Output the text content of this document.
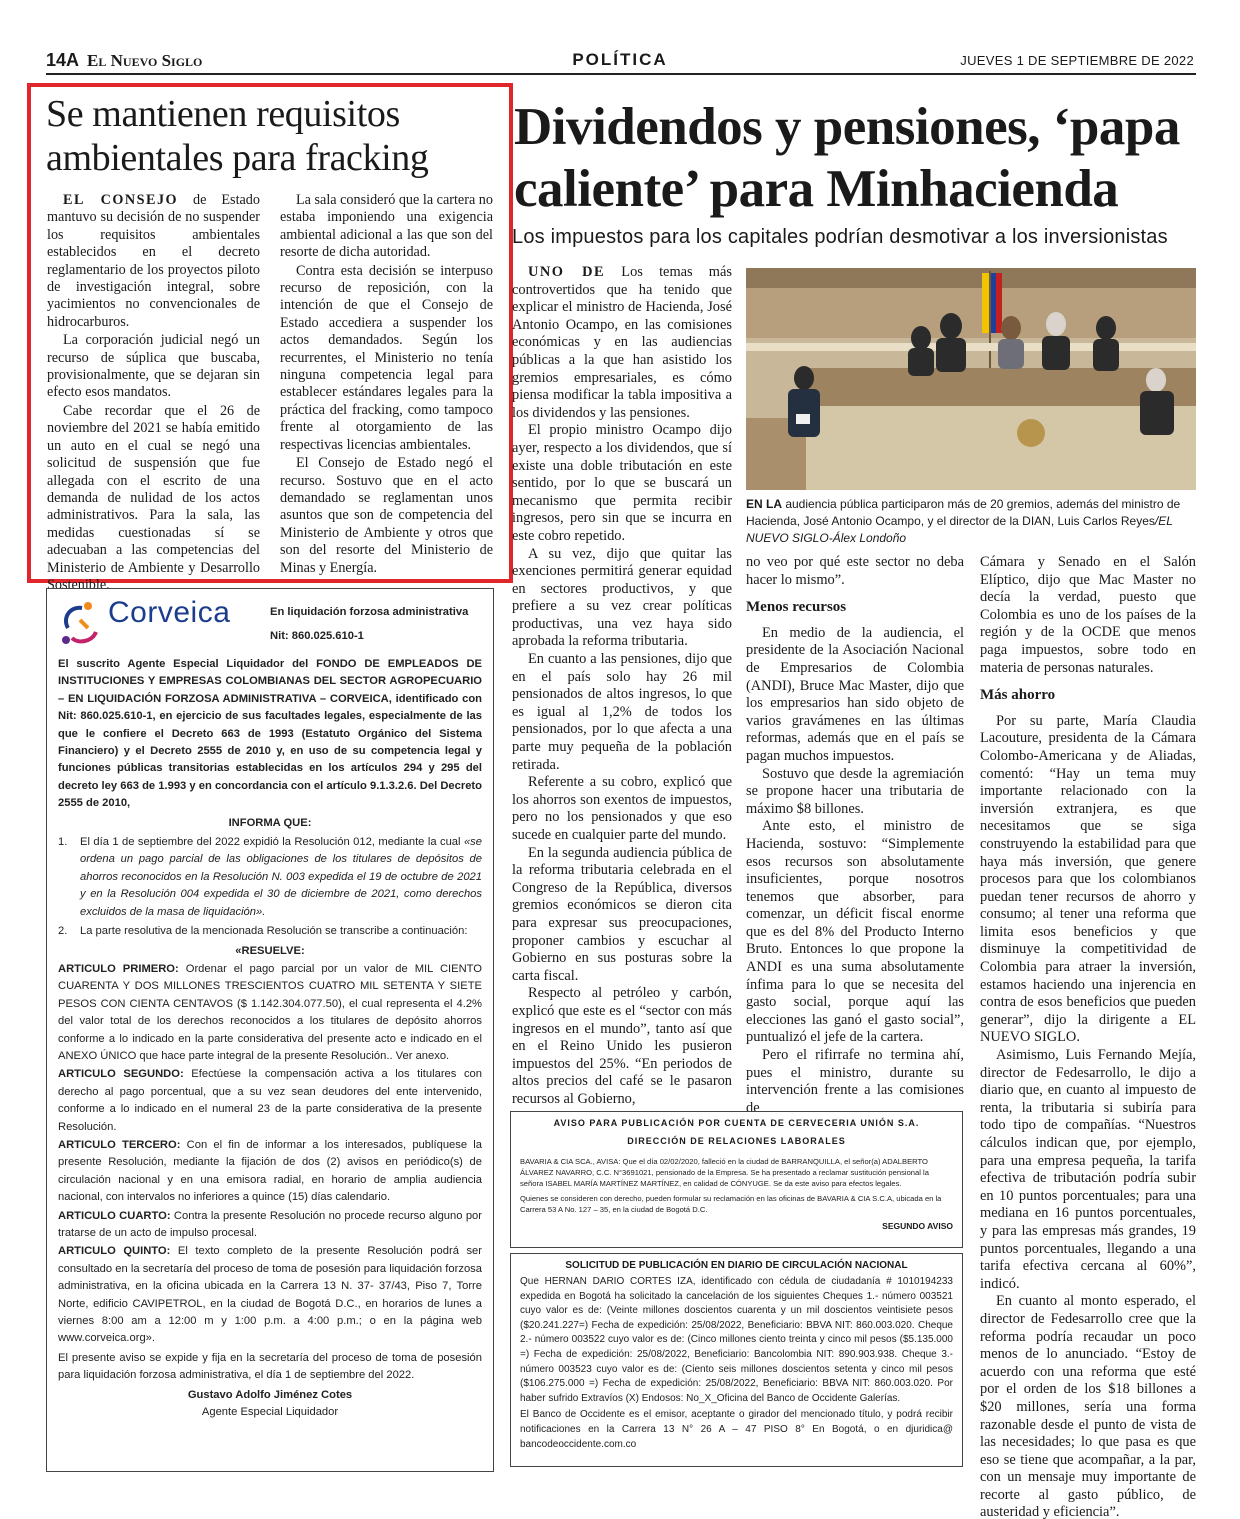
14A El Nuevo Siglo	POLÍTICA	JUEVES 1 DE SEPTIEMBRE DE 2022
Se mantienen requisitos ambientales para fracking

EL CONSEJO de Estado mantuvo su decisión de no suspender los requisitos ambientales establecidos en el decreto reglamentario de los proyectos piloto de investigación integral, sobre yacimientos no convencionales de hidrocarburos.

La corporación judicial negó un recurso de súplica que buscaba, provisionalmente, que se dejaran sin efecto esos mandatos.

Cabe recordar que el 26 de noviembre del 2021 se había emitido un auto en el cual se negó una solicitud de suspensión que fue allegada con el escrito de una demanda de nulidad de los actos administrativos. Para la sala, las medidas cuestionadas sí se adecuaban a las competencias del Ministerio de Ambiente y Desarrollo Sostenible.

La sala consideró que la cartera no estaba imponiendo una exigencia ambiental adicional a las que son del resorte de dicha autoridad.

Contra esta decisión se interpuso recurso de reposición, con la intención de que el Consejo de Estado accediera a suspender los actos demandados. Según los recurrentes, el Ministerio no tenía ninguna competencia legal para establecer estándares legales para la práctica del fracking, como tampoco frente al otorgamiento de las respectivas licencias ambientales.

El Consejo de Estado negó el recurso. Sostuvo que en el acto demandado se reglamentan unos asuntos que son de competencia del Ministerio de Ambiente y otros que son del resorte del Ministerio de Minas y Energía.

Dividendos y pensiones, ‘papa caliente’ para Minhacienda
Los impuestos para los capitales podrían desmotivar a los inversionistas

UNO DE Los temas más controvertidos que ha tenido que explicar el ministro de Hacienda, José Antonio Ocampo, en las comisiones económicas y en las audiencias públicas a la que han asistido los gremios empresariales, es cómo piensa modificar la tabla impositiva a los dividendos y las pensiones.

El propio ministro Ocampo dijo ayer, respecto a los dividendos, que sí existe una doble tributación en este sentido, por lo que se buscará un mecanismo que permita recibir ingresos, pero sin que se incurra en este cobro repetido.

A su vez, dijo que quitar las exenciones permitirá generar equidad en sectores productivos, y que prefiere a su vez crear políticas productivas, una vez haya sido aprobada la reforma tributaria.

En cuanto a las pensiones, dijo que en el país solo hay 26 mil pensionados de altos ingresos, lo que es igual al 1,2% de todos los pensionados, por lo que afecta a una parte muy pequeña de la población retirada.

Referente a su cobro, explicó que los ahorros son exentos de impuestos, pero no los pensionados y que eso sucede en cualquier parte del mundo.

En la segunda audiencia pública de la reforma tributaria celebrada en el Congreso de la República, diversos gremios económicos se dieron cita para expresar sus preocupaciones, proponer cambios y escuchar al Gobierno en sus posturas sobre la carta fiscal.

Respecto al petróleo y carbón, explicó que este es el “sector con más ingresos en el mundo”, tanto así que en el Reino Unido les pusieron impuestos del 25%. “En periodos de altos precios del café se le pasaron recursos al Gobierno,

EN LA audiencia pública participaron más de 20 gremios, además del ministro de Hacienda, José Antonio Ocampo, y el director de la DIAN, Luis Carlos Reyes/EL NUEVO SIGLO-Álex Londoño

no veo por qué este sector no deba hacer lo mismo”.

Menos recursos

En medio de la audiencia, el presidente de la Asociación Nacional de Empresarios de Colombia (ANDI), Bruce Mac Master, dijo que los empresarios han sido objeto de varios gravámenes en las últimas reformas, además que en el país se pagan muchos impuestos.

Sostuvo que desde la agremiación se propone hacer una tributaria de máximo $8 billones.

Ante esto, el ministro de Hacienda, sostuvo: “Simplemente esos recursos son absolutamente insuficientes, porque nosotros tenemos que absorber, para comenzar, un déficit fiscal enorme que es del 8% del Producto Interno Bruto. Entonces lo que propone la ANDI es una suma absolutamente ínfima para lo que se necesita del gasto social, porque aquí las elecciones las ganó el gasto social”, puntualizó el jefe de la cartera.

Pero el rifirrafe no termina ahí, pues el ministro, durante su intervención frente a las comisiones de

Cámara y Senado en el Salón Elíptico, dijo que Mac Master no decía la verdad, puesto que Colombia es uno de los países de la región y de la OCDE que menos paga impuestos, sobre todo en materia de personas naturales.

Más ahorro

Por su parte, María Claudia Lacouture, presidenta de la Cámara Colombo-Americana y de Aliadas, comentó: “Hay un tema muy importante relacionado con la inversión extranjera, es que necesitamos que se siga construyendo la estabilidad para que haya más inversión, que genere procesos para que los colombianos puedan tener recursos de ahorro y consumo; al tener una reforma que limita esos beneficios y que disminuye la competitividad de Colombia para atraer la inversión, estamos haciendo una injerencia en contra de esos beneficios que pueden generar”, dijo la dirigente a EL NUEVO SIGLO.

Asimismo, Luis Fernando Mejía, director de Fedesarrollo, le dijo a diario que, en cuanto al impuesto de renta, la tributaria si subiría para todo tipo de compañías. “Nuestros cálculos indican que, por ejemplo, para una empresa pequeña, la tarifa efectiva de tributación podría subir en 10 puntos porcentuales; para una mediana en 16 puntos porcentuales, y para las empresas más grandes, 19 puntos porcentuales, llegando a una tarifa efectiva cercana al 60%”, indicó.

En cuanto al monto esperado, el director de Fedesarrollo cree que la reforma podría recaudar un poco menos de lo anunciado. “Estoy de acuerdo con una reforma que esté por el orden de los $18 billones a $20 millones, sería una forma razonable desde el punto de vista de las necesidades; lo que pasa es que eso se tiene que acompañar, a la par, con un mensaje muy importante de recorte al gasto público, de austeridad y eficiencia”.

Corveica	En liquidación forzosa administrativa
Nit: 860.025.610-1
El suscrito Agente Especial Liquidador del FONDO DE EMPLEADOS DE INSTITUCIONES Y EMPRESAS COLOMBIANAS DEL SECTOR AGROPECUARIO – EN LIQUIDACIÓN FORZOSA ADMINISTRATIVA – CORVEICA, identificado con Nit: 860.025.610-1, en ejercicio de sus facultades legales, especialmente de las que le confiere el Decreto 663 de 1993 (Estatuto Orgánico del Sistema Financiero) y el Decreto 2555 de 2010 y, en uso de su competencia legal y funciones públicas transitorias establecidas en los artículos 294 y 295 del decreto ley 663 de 1.993 y en concordancia con el artículo 9.1.3.2.6. Del Decreto 2555 de 2010,
INFORMA QUE:
1.	El día 1 de septiembre del 2022 expidió la Resolución 012, mediante la cual «se ordena un pago parcial de las obligaciones de los titulares de depósitos de ahorros reconocidos en la Resolución N. 003 expedida el 19 de octubre de 2021 y en la Resolución 004 expedida el 30 de diciembre de 2021, como derechos excluidos de la masa de liquidación».
2.	La parte resolutiva de la mencionada Resolución se transcribe a continuación:
«RESUELVE:
ARTICULO PRIMERO: Ordenar el pago parcial por un valor de MIL CIENTO CUARENTA Y DOS MILLONES TRESCIENTOS CUATRO MIL SETENTA Y SIETE PESOS CON CIENTA CENTAVOS ($ 1.142.304.077.50), el cual representa el 4.2% del valor total de los derechos reconocidos a los titulares de depósito ahorros conforme a lo indicado en la parte considerativa del presente acto e indicado en el ANEXO ÚNICO que hace parte integral de la presente Resolución.. Ver anexo.
ARTICULO SEGUNDO: Efectúese la compensación activa a los titulares con derecho al pago porcentual, que a su vez sean deudores del ente intervenido, conforme a lo indicado en el numeral 23 de la parte considerativa de la presente Resolución.
ARTICULO TERCERO: Con el fin de informar a los interesados, publíquese la presente Resolución, mediante la fijación de dos (2) avisos en periódico(s) de circulación nacional y en una emisora radial, en horario de amplia audiencia nacional, con intervalos no inferiores a quince (15) días calendario.
ARTICULO CUARTO: Contra la presente Resolución no procede recurso alguno por tratarse de un acto de impulso procesal.
ARTICULO QUINTO: El texto completo de la presente Resolución podrá ser consultado en la secretaría del proceso de toma de posesión para liquidación forzosa administrativa, en la oficina ubicada en la Carrera 13 N. 37- 37/43, Piso 7, Torre Norte, edificio CAVIPETROL, en la ciudad de Bogotá D.C., en horarios de lunes a viernes 8:00 am a 12:00 m y 1:00 p.m. a 4:00 p.m.; o en la página web www.corveica.org».
El presente aviso se expide y fija en la secretaría del proceso de toma de posesión para liquidación forzosa administrativa, el día 1 de septiembre del 2022.
Gustavo Adolfo Jiménez Cotes
Agente Especial Liquidador
AVISO PARA PUBLICACIÓN POR CUENTA DE CERVECERIA UNIÓN S.A.
DIRECCIÓN DE RELACIONES LABORALES
BAVARIA & CIA SCA., AVISA: Que el día 02/02/2020, falleció en la ciudad de BARRANQUILLA, el señor(a) ADALBERTO ÁLVAREZ NAVARRO, C.C. N°3691021, pensionado de la Empresa. Se ha presentado a reclamar sustitución pensional la señora ISABEL MARÍA MARTÍNEZ MARTÍNEZ, en calidad de CÓNYUGE. Se da este aviso para efectos legales.
Quienes se consideren con derecho, pueden formular su reclamación en las oficinas de BAVARIA & CIA S.C.A, ubicada en la Carrera 53 A No. 127 – 35, en la ciudad de Bogotá D.C.
SEGUNDO AVISO
SOLICITUD DE PUBLICACIÓN EN DIARIO DE CIRCULACIÓN NACIONAL
Que HERNAN DARIO CORTES IZA, identificado con cédula de ciudadanía # 1010194233 expedida en Bogotá ha solicitado la cancelación de los siguientes Cheques 1.- número 003521 cuyo valor es de: (Veinte millones doscientos cuarenta y un mil doscientos veintisiete pesos ($20.241.227=) Fecha de expedición: 25/08/2022, Beneficiario: BBVA NIT: 860.003.020. Cheque 2.- número 003522 cuyo valor es de: (Cinco millones ciento treinta y cinco mil pesos ($5.135.000 =) Fecha de expedición: 25/08/2022, Beneficiario: Bancolombia NIT: 890.903.938. Cheque 3.- número 003523 cuyo valor es de: (Ciento seis millones doscientos setenta y cinco mil pesos ($106.275.000 =) Fecha de expedición: 25/08/2022, Beneficiario: BBVA NIT: 860.003.020. Por haber sufrido Extravíos (X) Endosos: No_X_Oficina del Banco de Occidente Galerías.
El Banco de Occidente es el emisor, aceptante o girador del mencionado título, y podrá recibir notificaciones en la Carrera 13 N° 26 A – 47 PISO 8° En Bogotá, o en djuridica@ bancodeoccidente.com.co
